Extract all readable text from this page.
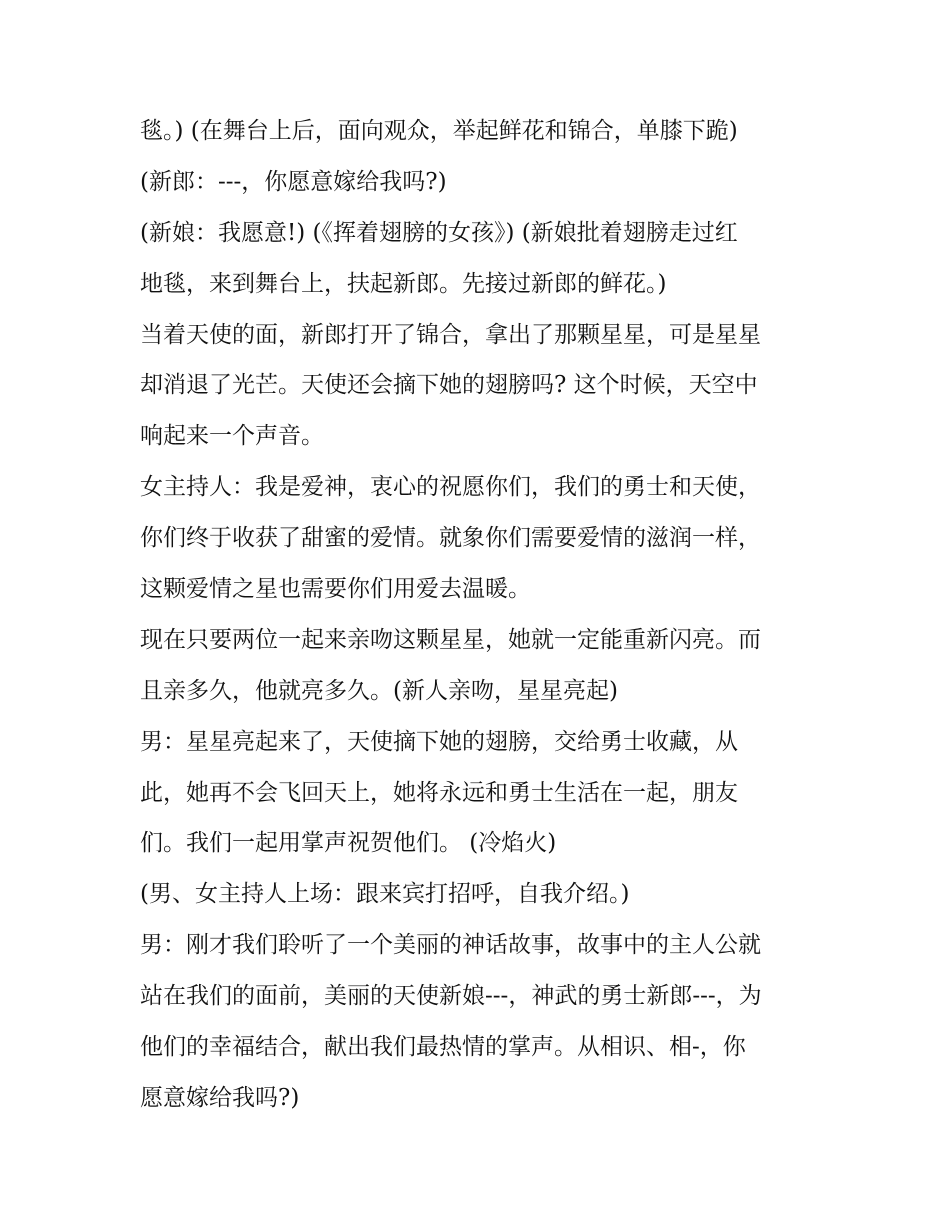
毯。) (在舞台上后，面向观众，举起鲜花和锦合，单膝下跪)
(新郎：---，你愿意嫁给我吗?)
(新娘：我愿意!) (《挥着翅膀的女孩》) (新娘批着翅膀走过红
地毯，来到舞台上，扶起新郎。先接过新郎的鲜花。)
当着天使的面，新郎打开了锦合，拿出了那颗星星，可是星星
却消退了光芒。天使还会摘下她的翅膀吗? 这个时候，天空中
响起来一个声音。
女主持人：我是爱神，衷心的祝愿你们，我们的勇士和天使，
你们终于收获了甜蜜的爱情。就象你们需要爱情的滋润一样，
这颗爱情之星也需要你们用爱去温暖。
现在只要两位一起来亲吻这颗星星，她就一定能重新闪亮。而
且亲多久，他就亮多久。(新人亲吻，星星亮起)
男：星星亮起来了，天使摘下她的翅膀，交给勇士收藏，从
此，她再不会飞回天上，她将永远和勇士生活在一起，朋友
们。我们一起用掌声祝贺他们。 (冷焰火)
(男、女主持人上场：跟来宾打招呼，自我介绍。)
男：刚才我们聆听了一个美丽的神话故事，故事中的主人公就
站在我们的面前，美丽的天使新娘---，神武的勇士新郎---，为
他们的幸福结合，献出我们最热情的掌声。从相识、相-，你
愿意嫁给我吗?)
